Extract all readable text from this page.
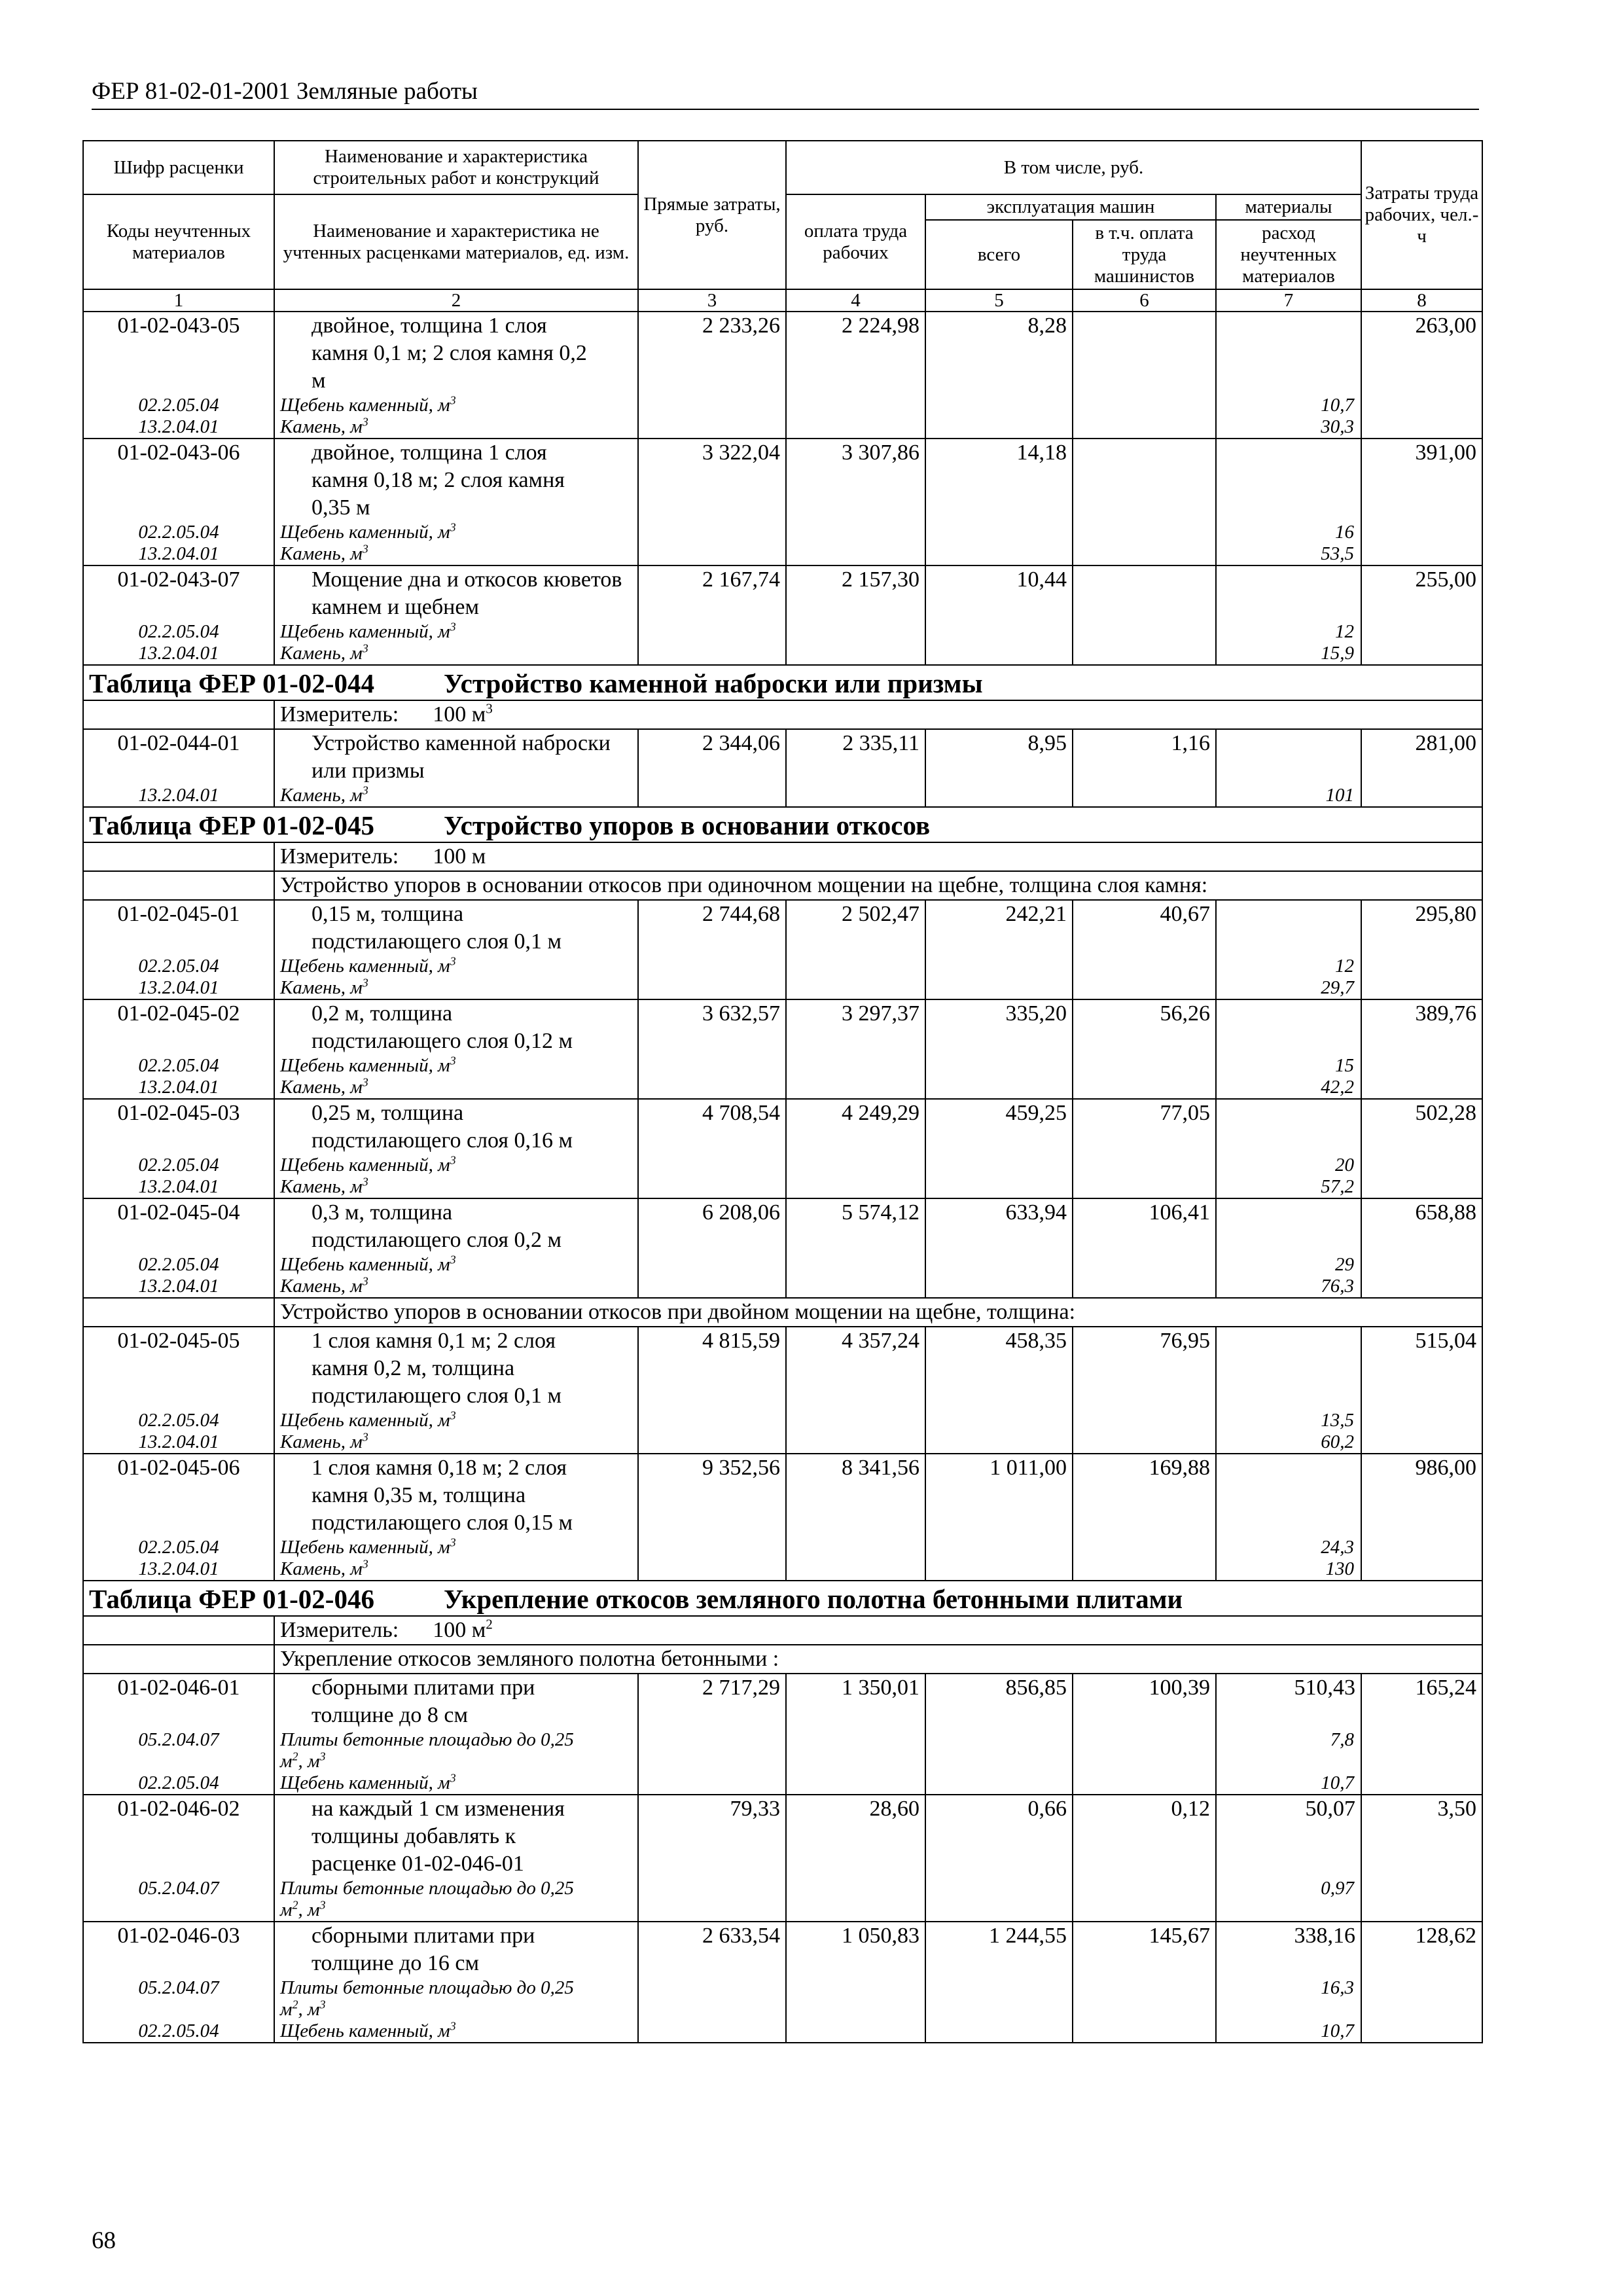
ФЕР 81-02-01-2001 Земляные работы
Шифр расценки	Наименование и характеристика строительных работ и конструкций	Прямые затраты, руб.	В том числе, руб.				Затраты труда рабочих, чел.-ч
Коды неучтенных материалов	Наименование и характеристика не учтенных расценками материалов, ед. изм.		оплата труда рабочих	эксплуатация машин		материалы	
				всего	в т.ч. оплата труда машинистов	расход неучтенных материалов	
1	2	3	4	5	6	7	8
01-02-043-05	двойное, толщина 1 слоя
камня 0,1 м; 2 слоя камня 0,2
м	2 233,26	2 224,98	8,28			263,00
02.2.05.04	Щебень каменный, $м^3$					10,7	
13.2.04.01	Камень, $м^3$					30,3	
01-02-043-06	двойное, толщина 1 слоя
камня 0,18 м; 2 слоя камня
0,35 м	3 322,04	3 307,86	14,18			391,00
02.2.05.04	Щебень каменный, $м^3$					16	
13.2.04.01	Камень, $м^3$					53,5	
01-02-043-07	Мощение дна и откосов кюветов
камнем и щебнем	2 167,74	2 157,30	10,44			255,00
02.2.05.04	Щебень каменный, $м^3$					12	
13.2.04.01	Камень, $м^3$					15,9	
Таблица ФЕР 01-02-044 Устройство каменной наброски или призмы							
	Измеритель: 100 $м^3$
01-02-044-01	Устройство каменной наброски
или призмы	2 344,06	2 335,11	8,95	1,16		281,00
13.2.04.01	Камень, $м^3$					101	
Таблица ФЕР 01-02-045 Устройство упоров в основании откосов							
	Измеритель: 100 м						
	Устройство упоров в основании откосов при одиночном мощении на щебне, толщина слоя камня:						
01-02-045-01	0,15 м, толщина
подстилающего слоя 0,1 м	2 744,68	2 502,47	242,21	40,67		295,80
02.2.05.04	Щебень каменный, $м^3$					12	
13.2.04.01	Камень, $м^3$					29,7	
01-02-045-02	0,2 м, толщина
подстилающего слоя 0,12 м	3 632,57	3 297,37	335,20	56,26		389,76
02.2.05.04	Щебень каменный, $м^3$					15	
13.2.04.01	Камень, $м^3$					42,2	
01-02-045-03	0,25 м, толщина
подстилающего слоя 0,16 м	4 708,54	4 249,29	459,25	77,05		502,28
02.2.05.04	Щебень каменный, $м^3$					20	
13.2.04.01	Камень, $м^3$					57,2	
01-02-045-04	0,3 м, толщина
подстилающего слоя 0,2 м	6 208,06	5 574,12	633,94	106,41		658,88
02.2.05.04	Щебень каменный, $м^3$					29	
13.2.04.01	Камень, $м^3$					76,3	
	Устройство упоров в основании откосов при двойном мощении на щебне, толщина:						
01-02-045-05	1 слоя камня 0,1 м; 2 слоя
камня 0,2 м, толщина
подстилающего слоя 0,1 м	4 815,59	4 357,24	458,35	76,95		515,04
02.2.05.04	Щебень каменный, $м^3$					13,5	
13.2.04.01	Камень, $м^3$					60,2	
01-02-045-06	1 слоя камня 0,18 м; 2 слоя
камня 0,35 м, толщина
подстилающего слоя 0,15 м	9 352,56	8 341,56	1 011,00	169,88		986,00
02.2.05.04	Щебень каменный, $м^3$					24,3	
13.2.04.01	Камень, $м^3$					130	
Таблица ФЕР 01-02-046 Укрепление откосов земляного полотна бетонными плитами							
	Измеритель: 100 $м^2$
	Укрепление откосов земляного полотна бетонными :						
01-02-046-01	сборными плитами при
толщине до 8 см	2 717,29	1 350,01	856,85	100,39	510,43	165,24
05.2.04.07	Плиты бетонные площадью до 0,25
$м^2$, $м^3$					7,8	
02.2.05.04	Щебень каменный, $м^3$					10,7	
01-02-046-02	на каждый 1 см изменения
толщины добавлять к
расценке 01-02-046-01	79,33	28,60	0,66	0,12	50,07	3,50
05.2.04.07	Плиты бетонные площадью до 0,25
$м^2$, $м^3$					0,97	
01-02-046-03	сборными плитами при
толщине до 16 см	2 633,54	1 050,83	1 244,55	145,67	338,16	128,62
05.2.04.07	Плиты бетонные площадью до 0,25
$м^2$, $м^3$					16,3	
02.2.05.04	Щебень каменный, $м^3$					10,7	
68
